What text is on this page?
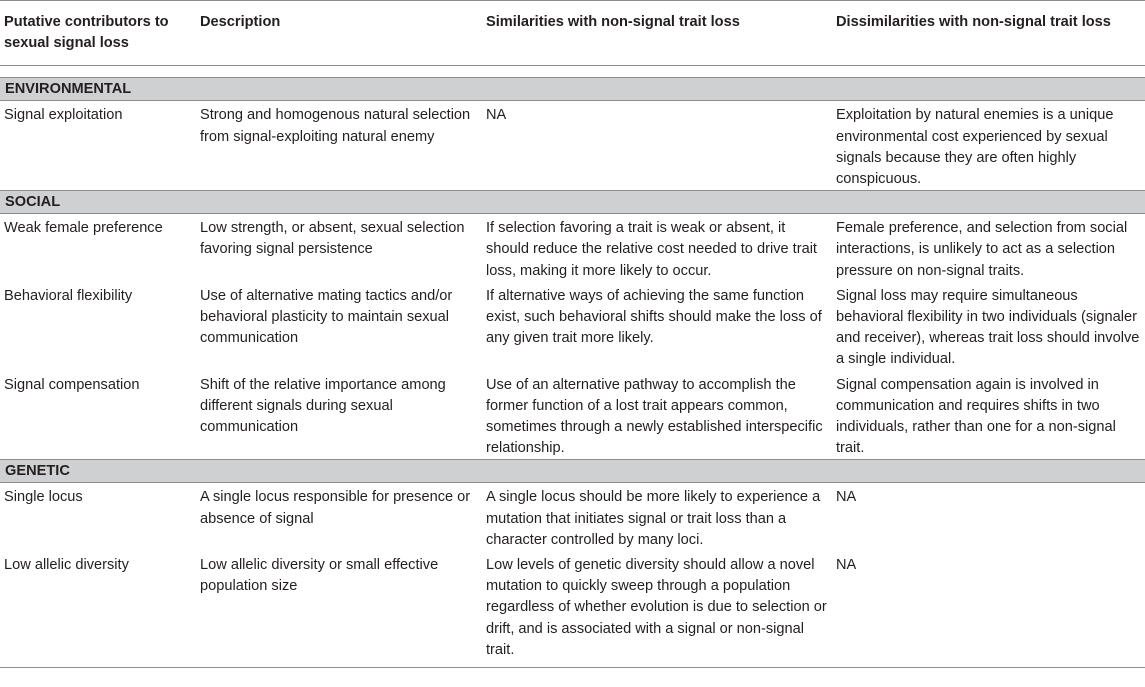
Putative contributors to sexual signal loss	Description	Similarities with non-signal trait loss	Dissimilarities with non-signal trait loss

ENVIRONMENTAL			
Signal exploitation	Strong and homogenous natural selection from signal-exploiting natural enemy	NA	Exploitation by natural enemies is a unique environmental cost experienced by sexual signals because they are often highly conspicuous.
SOCIAL			
Weak female preference	Low strength, or absent, sexual selection favoring signal persistence	If selection favoring a trait is weak or absent, it should reduce the relative cost needed to drive trait loss, making it more likely to occur.	Female preference, and selection from social interactions, is unlikely to act as a selection pressure on non-signal traits.
Behavioral flexibility	Use of alternative mating tactics and/or behavioral plasticity to maintain sexual communication	If alternative ways of achieving the same function exist, such behavioral shifts should make the loss of any given trait more likely.	Signal loss may require simultaneous behavioral flexibility in two individuals (signaler and receiver), whereas trait loss should involve a single individual.
Signal compensation	Shift of the relative importance among different signals during sexual communication	Use of an alternative pathway to accomplish the former function of a lost trait appears common, sometimes through a newly established interspecific relationship.	Signal compensation again is involved in communication and requires shifts in two individuals, rather than one for a non-signal trait.
GENETIC			
Single locus	A single locus responsible for presence or absence of signal	A single locus should be more likely to experience a mutation that initiates signal or trait loss than a character controlled by many loci.	NA
Low allelic diversity	Low allelic diversity or small effective population size	Low levels of genetic diversity should allow a novel mutation to quickly sweep through a population regardless of whether evolution is due to selection or drift, and is associated with a signal or non-signal trait.	NA
